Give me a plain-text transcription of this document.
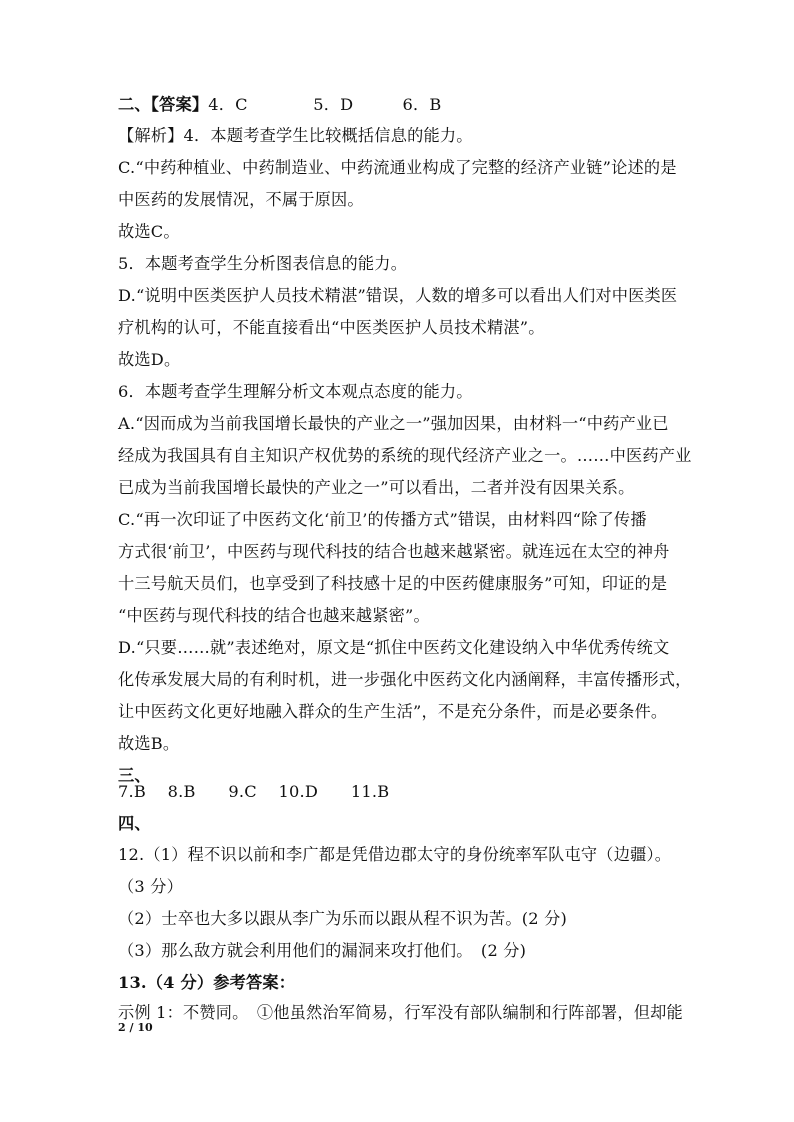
二、【答案】4．C　　　　5．D　　　6．B
【解析】4．本题考查学生比较概括信息的能力。
C.“中药种植业、中药制造业、中药流通业构成了完整的经济产业链”论述的是
中医药的发展情况，不属于原因。
故选C。
5．本题考查学生分析图表信息的能力。
D.“说明中医类医护人员技术精湛”错误，人数的增多可以看出人们对中医类医
疗机构的认可，不能直接看出“中医类医护人员技术精湛”。
故选D。
6．本题考查学生理解分析文本观点态度的能力。
A.“因而成为当前我国增长最快的产业之一”强加因果，由材料一“中药产业已
经成为我国具有自主知识产权优势的系统的现代经济产业之一。……中医药产业
已成为当前我国增长最快的产业之一”可以看出，二者并没有因果关系。
C.“再一次印证了中医药文化‘前卫’的传播方式”错误，由材料四“除了传播
方式很‘前卫’，中医药与现代科技的结合也越来越紧密。就连远在太空的神舟
十三号航天员们，也享受到了科技感十足的中医药健康服务”可知，印证的是
“中医药与现代科技的结合也越来越紧密”。
D.“只要……就”表述绝对，原文是“抓住中医药文化建设纳入中华优秀传统文
化传承发展大局的有利时机，进一步强化中医药文化内涵阐释，丰富传播形式，
让中医药文化更好地融入群众的生产生活”，不是充分条件，而是必要条件。
故选B。
三、
7.B　 8.B　　9.C　 10.D　　11.B
四、
12.（1）程不识以前和李广都是凭借边郡太守的身份统率军队屯守（边疆）。
（3 分）
（2）士卒也大多以跟从李广为乐而以跟从程不识为苦。(2 分)
（3）那么敌方就会利用他们的漏洞来攻打他们。　(2 分)
13.（4 分）参考答案：
示例 1：不赞同。　①他虽然治军简易，行军没有部队编制和行阵部署，但却能
2 / 10
